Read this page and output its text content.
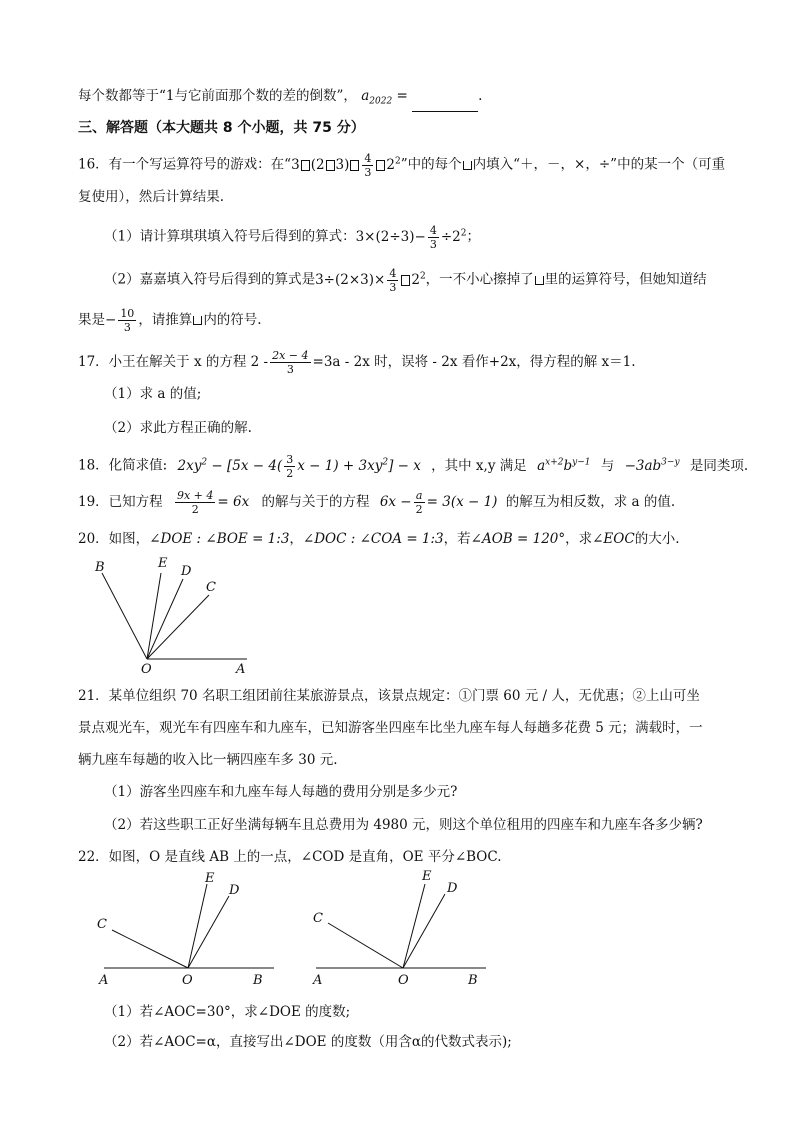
每个数都等于“1与它前面那个数的差的倒数”， $a_{2022}$ =	.
三、解答题（本大题共 8 个小题，共 75 分）
16．有一个写运算符号的游戏：在“3 (2 $3) \frac{4}{3} 2^2$”中的每个 内填入“＋，－，×，÷”中的某一个（可重
复使用），然后计算结果.
（1）请计算琪琪填入符号后得到的算式：$3\times(2\div 3)- \frac{4}{3} \div 2^2$；
（2）嘉嘉填入符号后得到的算式是$3\div(2\times 3)\times \frac{4}{3} 2^2$，一不小心擦掉了 里的运算符号，但她知道结
果是− $\frac{10}{3}$ ，请推算 内的符号.
17．小王在解关于 x 的方程 $2 - \frac{2x - 4}{3} =3a - 2x$ 时，误将 - 2x 看作+2x，得方程的解 x＝1.
（1）求 a 的值;
（2）求此方程正确的解.
18．化简求值: $2xy^2 - [5x - 4( \frac{3}{2}$ $x - 1) + 3xy^2] - x$ ，其中 x,y 满足 $a^{x+2}b^{y-1}$ 与 $-3ab^{3-y}$ 是同类项.
19．已知方程 $\frac{9x + 4}{2} = 6x$ 的解与关于的方程 $6x - \frac{a}{2} = 3(x - 1)$ 的解互为相反数，求 a 的值.
20．如图，∠DOE : ∠BOE = 1:3，∠DOC : ∠COA = 1:3，若∠AOB = 120°，求∠EOC的大小.
B	E
D
C
O	A
21．某单位组织 70 名职工组团前往某旅游景点，该景点规定：①门票 60 元 / 人，无优惠；②上山可坐
景点观光车，观光车有四座车和九座车，已知游客坐四座车比坐九座车每人每趟多花费 5 元；满载时，一
辆九座车每趟的收入比一辆四座车多 30 元.
（1）游客坐四座车和九座车每人每趟的费用分别是多少元?
（2）若这些职工正好坐满每辆车且总费用为 4980 元，则这个单位租用的四座车和九座车各多少辆?
22．如图，O 是直线 AB 上的一点，∠COD 是直角，OE 平分∠BOC.
C
E
D
A	O	B
C
E
D
A	O	B
（1）若∠AOC=30°，求∠DOE 的度数;
（2）若∠AOC=α，直接写出∠DOE 的度数（用含α的代数式表示);
